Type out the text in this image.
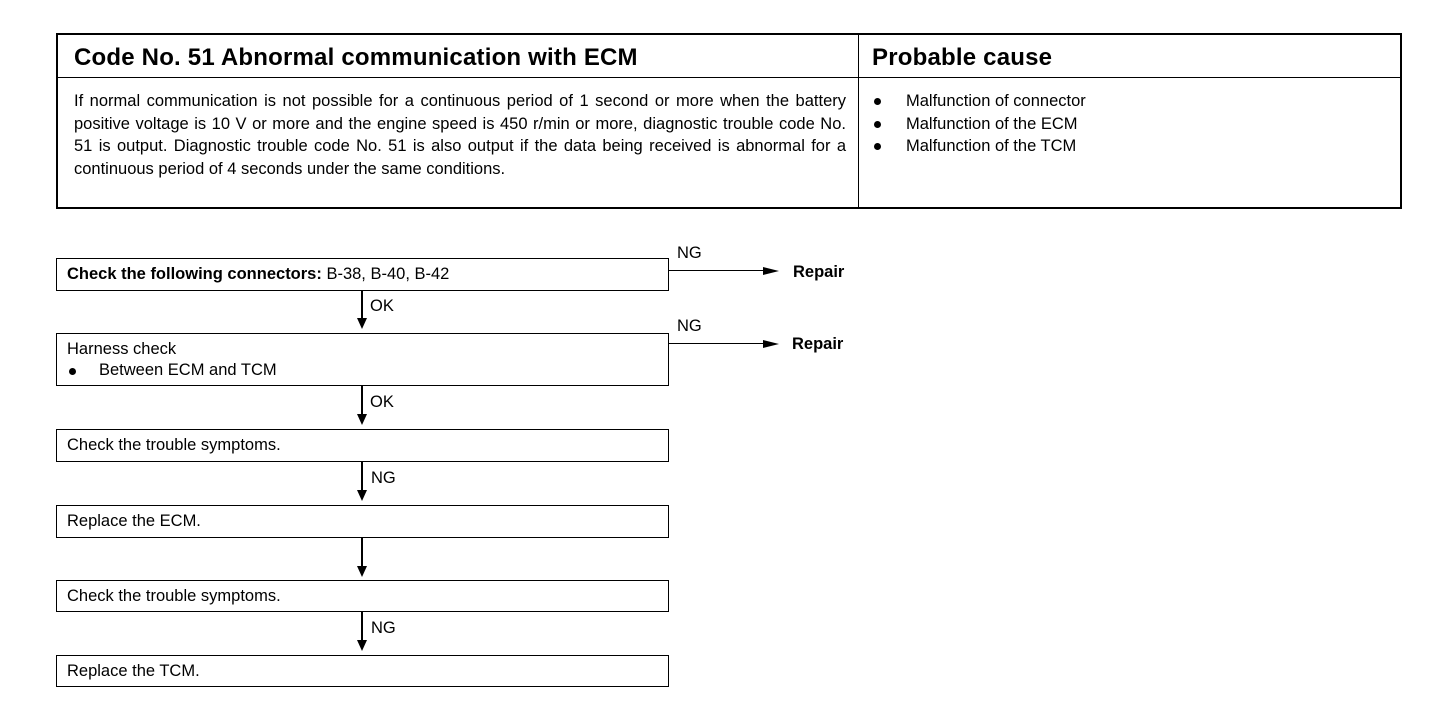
Code No. 51 Abnormal communication with ECM	Probable cause
If normal communication is not possible for a continuous period of 1 second or more when the battery positive voltage is 10 V or more and the engine speed is 450 r/min or more, diagnostic trouble code No. 51 is output. Diagnostic trouble code No. 51 is also output if the data being received is abnormal for a continuous period of 4 seconds under the same conditions.
Malfunction of connector
Malfunction of the ECM
Malfunction of the TCM
Check the following connectors: B-38, B-40, B-42
NG
Repair
OK
Harness check
Between ECM and TCM
NG
Repair
OK
Check the trouble symptoms.
NG
Replace the ECM.
Check the trouble symptoms.
NG
Replace the TCM.
